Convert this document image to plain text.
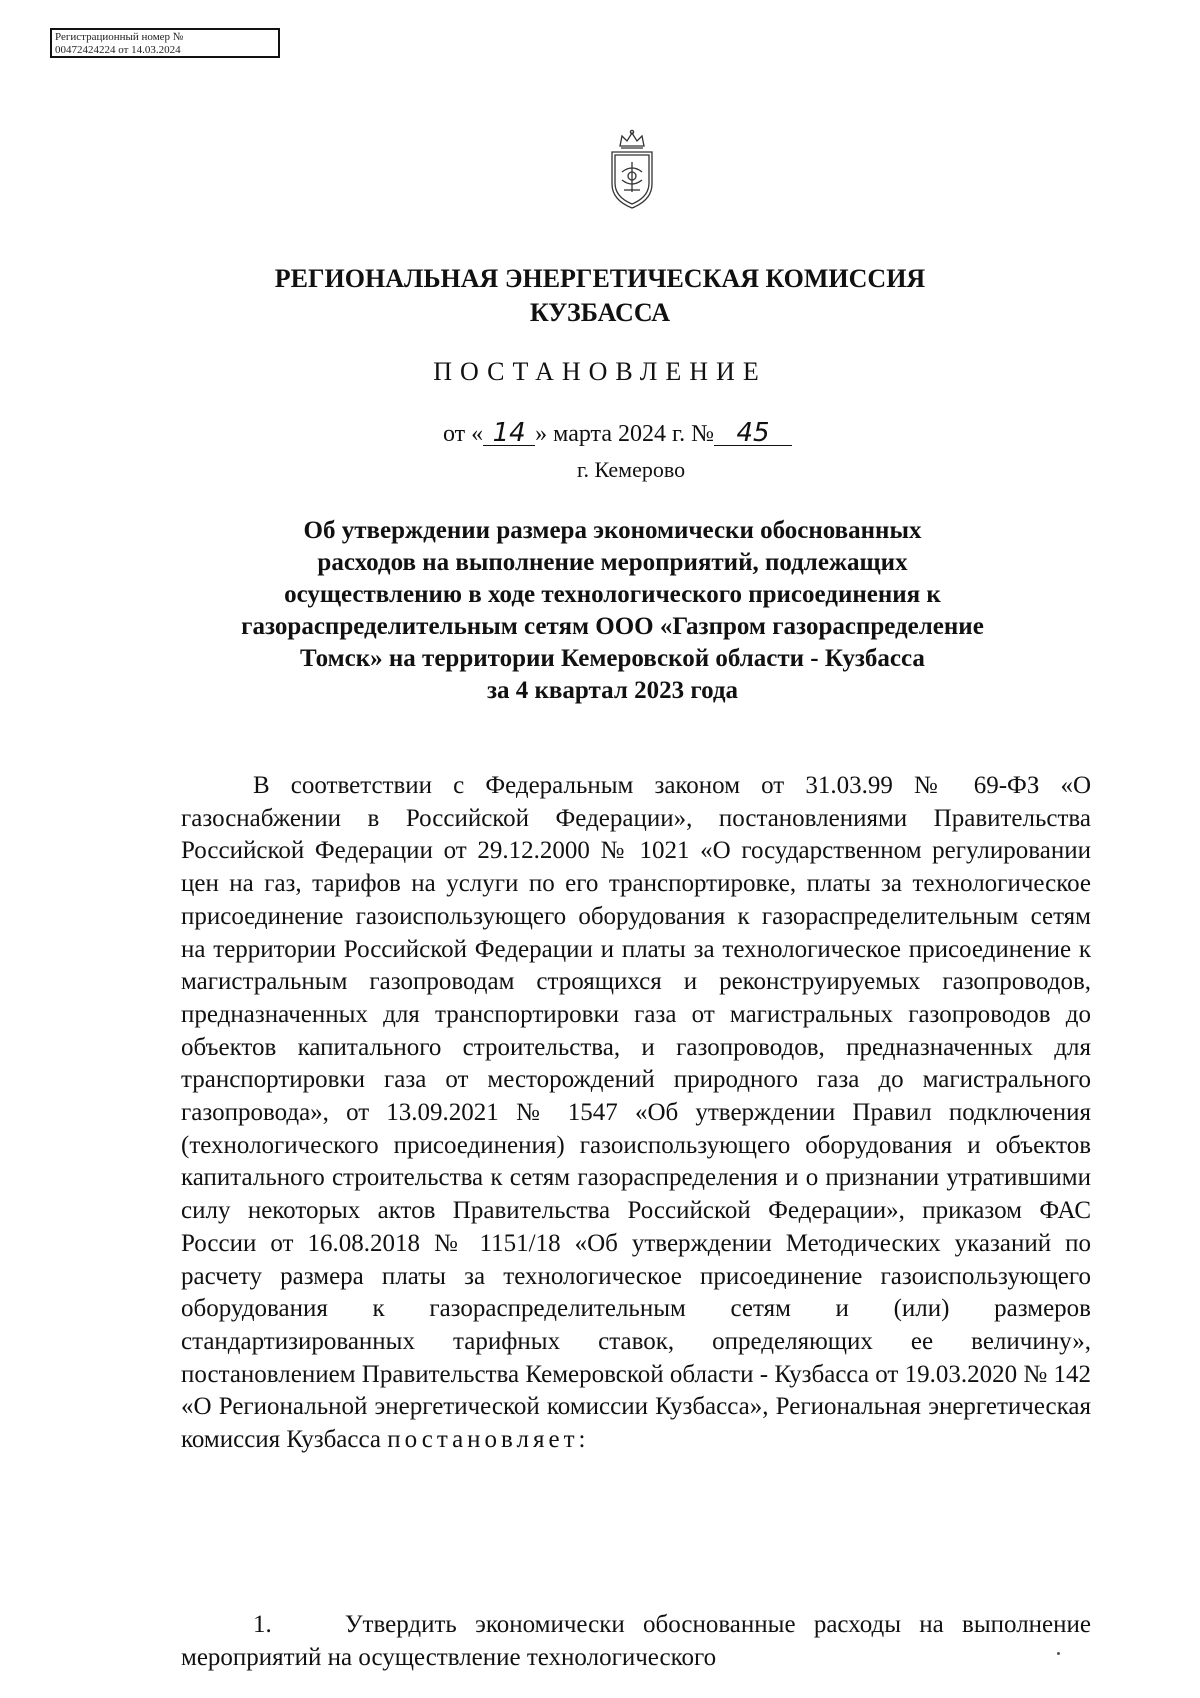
Регистрационный номер №
00472424224 от 14.03.2024
РЕГИОНАЛЬНАЯ ЭНЕРГЕТИЧЕСКАЯ КОМИССИЯ
КУЗБАССА
ПОСТАНОВЛЕНИЕ
от « 14 » марта 2024 г. № 45
г. Кемерово
Об утверждении размера экономически обоснованных
расходов на выполнение мероприятий, подлежащих
осуществлению в ходе технологического присоединения к
газораспределительным сетям ООО «Газпром газораспределение
Томск» на территории Кемеровской области - Кузбасса
за 4 квартал 2023 года

В соответствии с Федеральным законом от 31.03.99 № 69-ФЗ «О газоснабжении в Российской Федерации», постановлениями Правительства Российской Федерации от 29.12.2000 № 1021 «О государственном регулировании цен на газ, тарифов на услуги по его транспортировке, платы за технологическое присоединение газоиспользующего оборудования к газораспределительным сетям на территории Российской Федерации и платы за технологическое присоединение к магистральным газопроводам строящихся и реконструируемых газопроводов, предназначенных для транспортировки газа от магистральных газопроводов до объектов капитального строительства, и газопроводов, предназначенных для транспортировки газа от месторождений природного газа до магистрального газопровода», от 13.09.2021 № 1547 «Об утверждении Правил подключения (технологического присоединения) газоиспользующего оборудования и объектов капитального строительства к сетям газораспределения и о признании утратившими силу некоторых актов Правительства Российской Федерации», приказом ФАС России от 16.08.2018 № 1151/18 «Об утверждении Методических указаний по расчету размера платы за технологическое присоединение газоиспользующего оборудования к газораспределительным сетям и (или) размеров стандартизированных тарифных ставок, определяющих ее величину», постановлением Правительства Кемеровской области - Кузбасса от 19.03.2020 № 142 «О Региональной энергетической комиссии Кузбасса», Региональная энергетическая комиссия Кузбасса постановляет:

1.	Утвердить экономически обоснованные расходы на выполнение мероприятий на осуществление технологического
